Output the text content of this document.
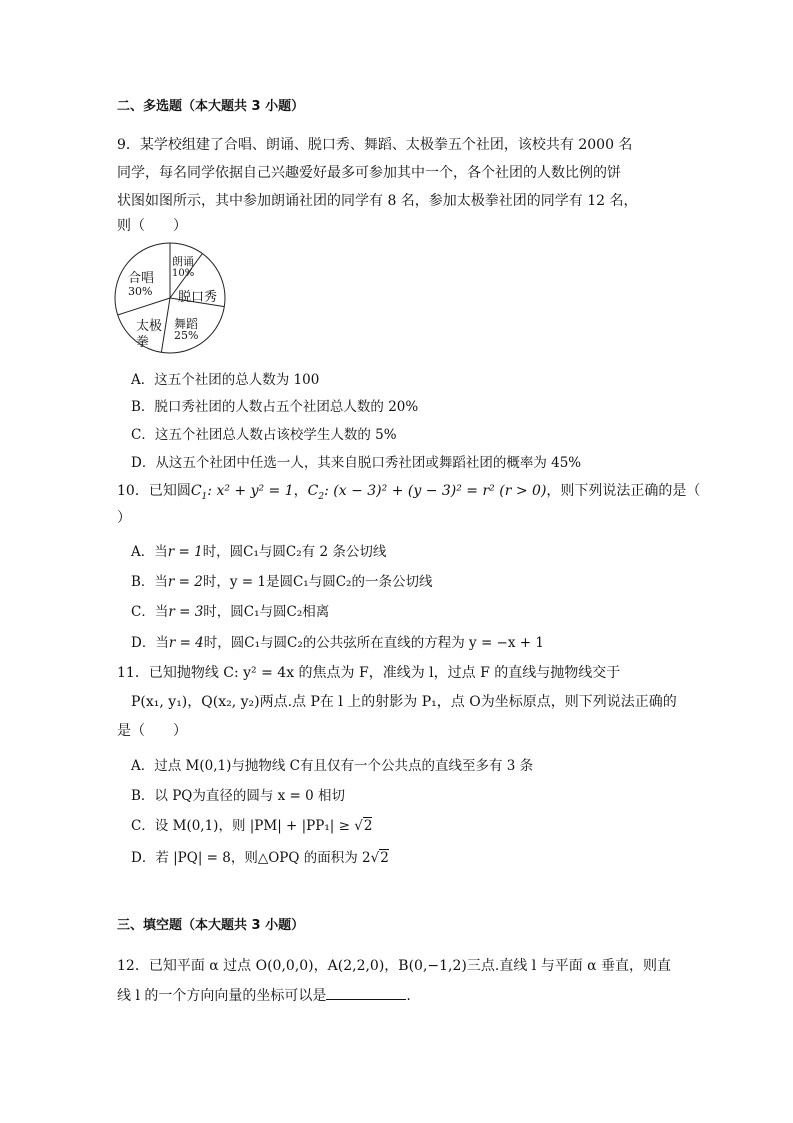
二、多选题（本大题共 3 小题）
9．某学校组建了合唱、朗诵、脱口秀、舞蹈、太极拳五个社团，该校共有 2000 名
同学，每名同学依据自己兴趣爱好最多可参加其中一个，各个社团的人数比例的饼
状图如图所示，其中参加朗诵社团的同学有 8 名，参加太极拳社团的同学有 12 名，
则（　　）
合唱
30%
朗诵
10%
脱口秀
舞蹈
25%
太极
拳
A．这五个社团的总人数为 100
B．脱口秀社团的人数占五个社团总人数的 20%
C．这五个社团总人数占该校学生人数的 5%
D．从这五个社团中任选一人，其来自脱口秀社团或舞蹈社团的概率为 45%
10．已知圆$C_1$: x² + y² = 1，$C_2$: (x − 3)² + (y − 3)² = r² (r > 0)，则下列说法正确的是（
）
A．当r = 1时，圆C₁与圆C₂有 2 条公切线
B．当r = 2时，y = 1是圆C₁与圆C₂的一条公切线
C．当r = 3时，圆C₁与圆C₂相离
D．当r = 4时，圆C₁与圆C₂的公共弦所在直线的方程为 y = −x + 1
11．已知抛物线 C: y² = 4x 的焦点为 F，准线为 l，过点 F 的直线与抛物线交于
P(x₁, y₁)，Q(x₂, y₂)两点.点 P在 l 上的射影为 P₁，点 O为坐标原点，则下列说法正确的
是（　　）
A．过点 M(0,1)与抛物线 C有且仅有一个公共点的直线至多有 3 条
B．以 PQ为直径的圆与 x = 0 相切
C．设 M(0,1)，则 |PM| + |PP₁| ≥ √2
D．若 |PQ| = 8，则△OPQ 的面积为 2√2
三、填空题（本大题共 3 小题）
12．已知平面 α 过点 O(0,0,0)，A(2,2,0)，B(0,−1,2)三点.直线 l 与平面 α 垂直，则直
线 l 的一个方向向量的坐标可以是	.
